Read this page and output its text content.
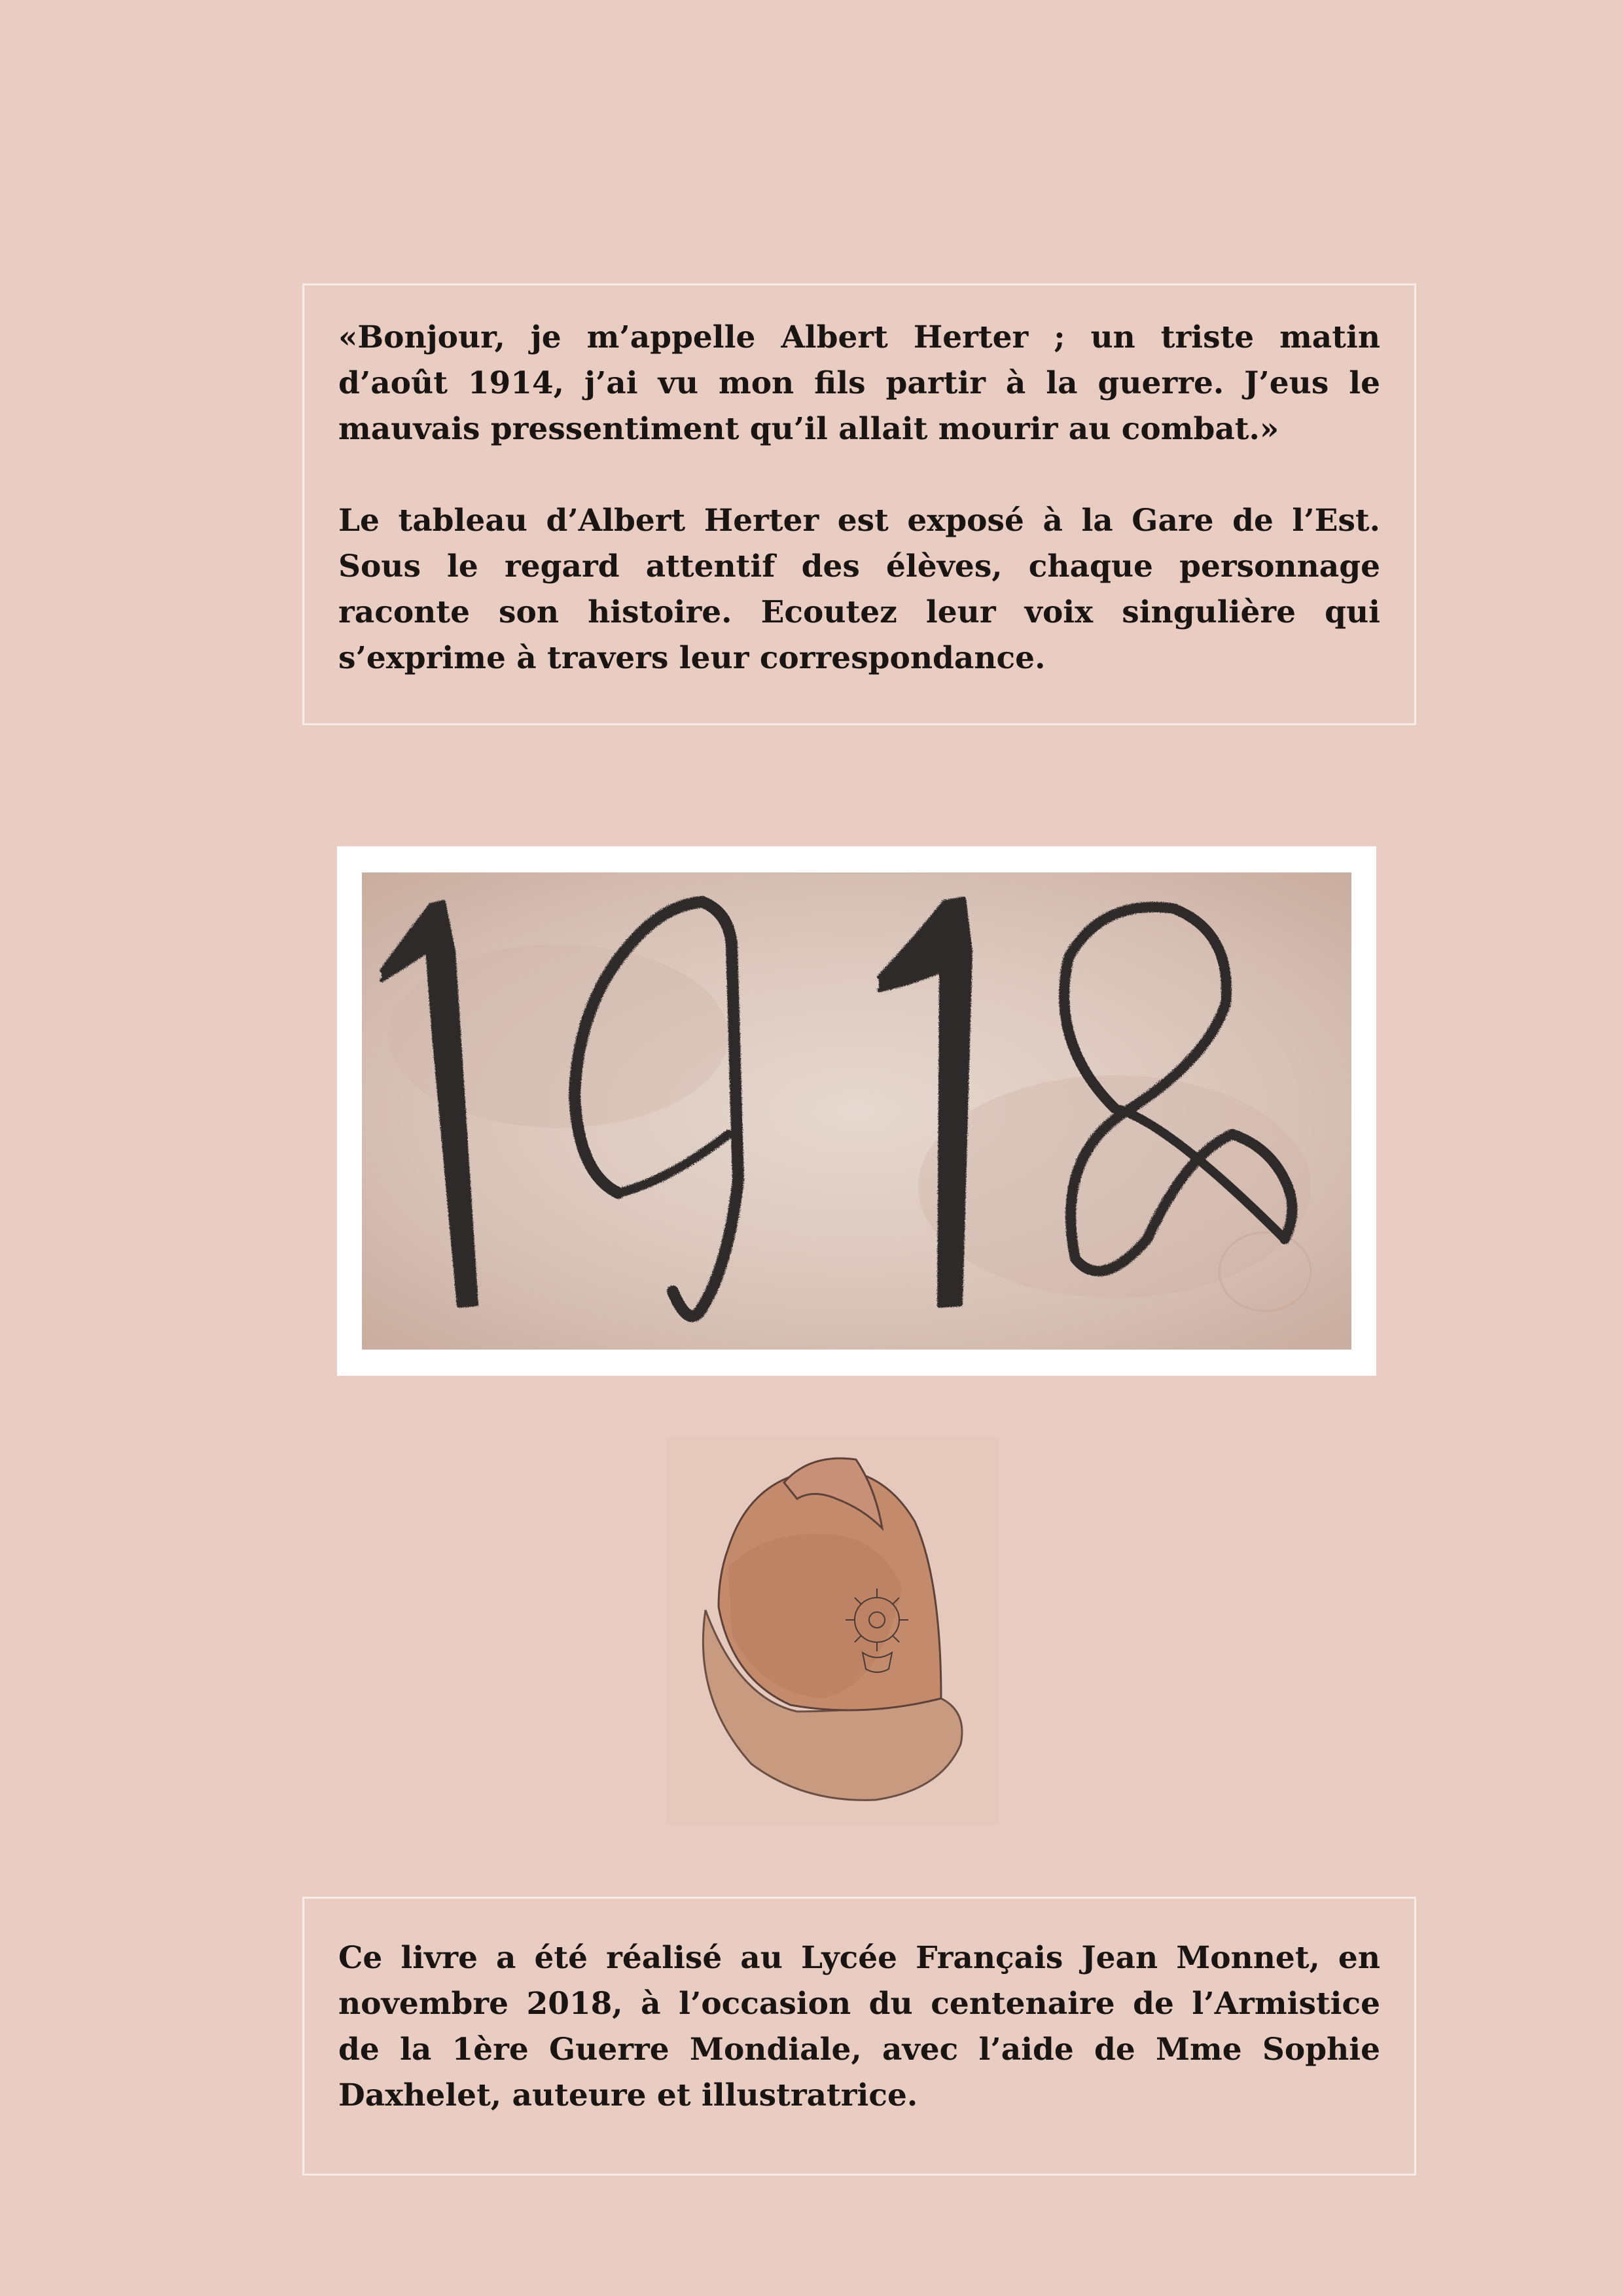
«Bonjour, je m’appelle Albert Herter ; un triste matin d’août 1914, j’ai vu mon fils partir à la guerre. J’eus le mauvais pressentiment qu’il allait mourir au combat.»

Le tableau d’Albert Herter est exposé à la Gare de l’Est. Sous le regard attentif des élèves, chaque personnage raconte son histoire. Ecoutez leur voix singulière qui s’exprime à travers leur correspondance.

Ce livre a été réalisé au Lycée Français Jean Monnet, en novembre 2018, à l’occasion du centenaire de l’Armistice de la 1ère Guerre Mondiale, avec l’aide de Mme Sophie Daxhelet, auteure et illustratrice.
